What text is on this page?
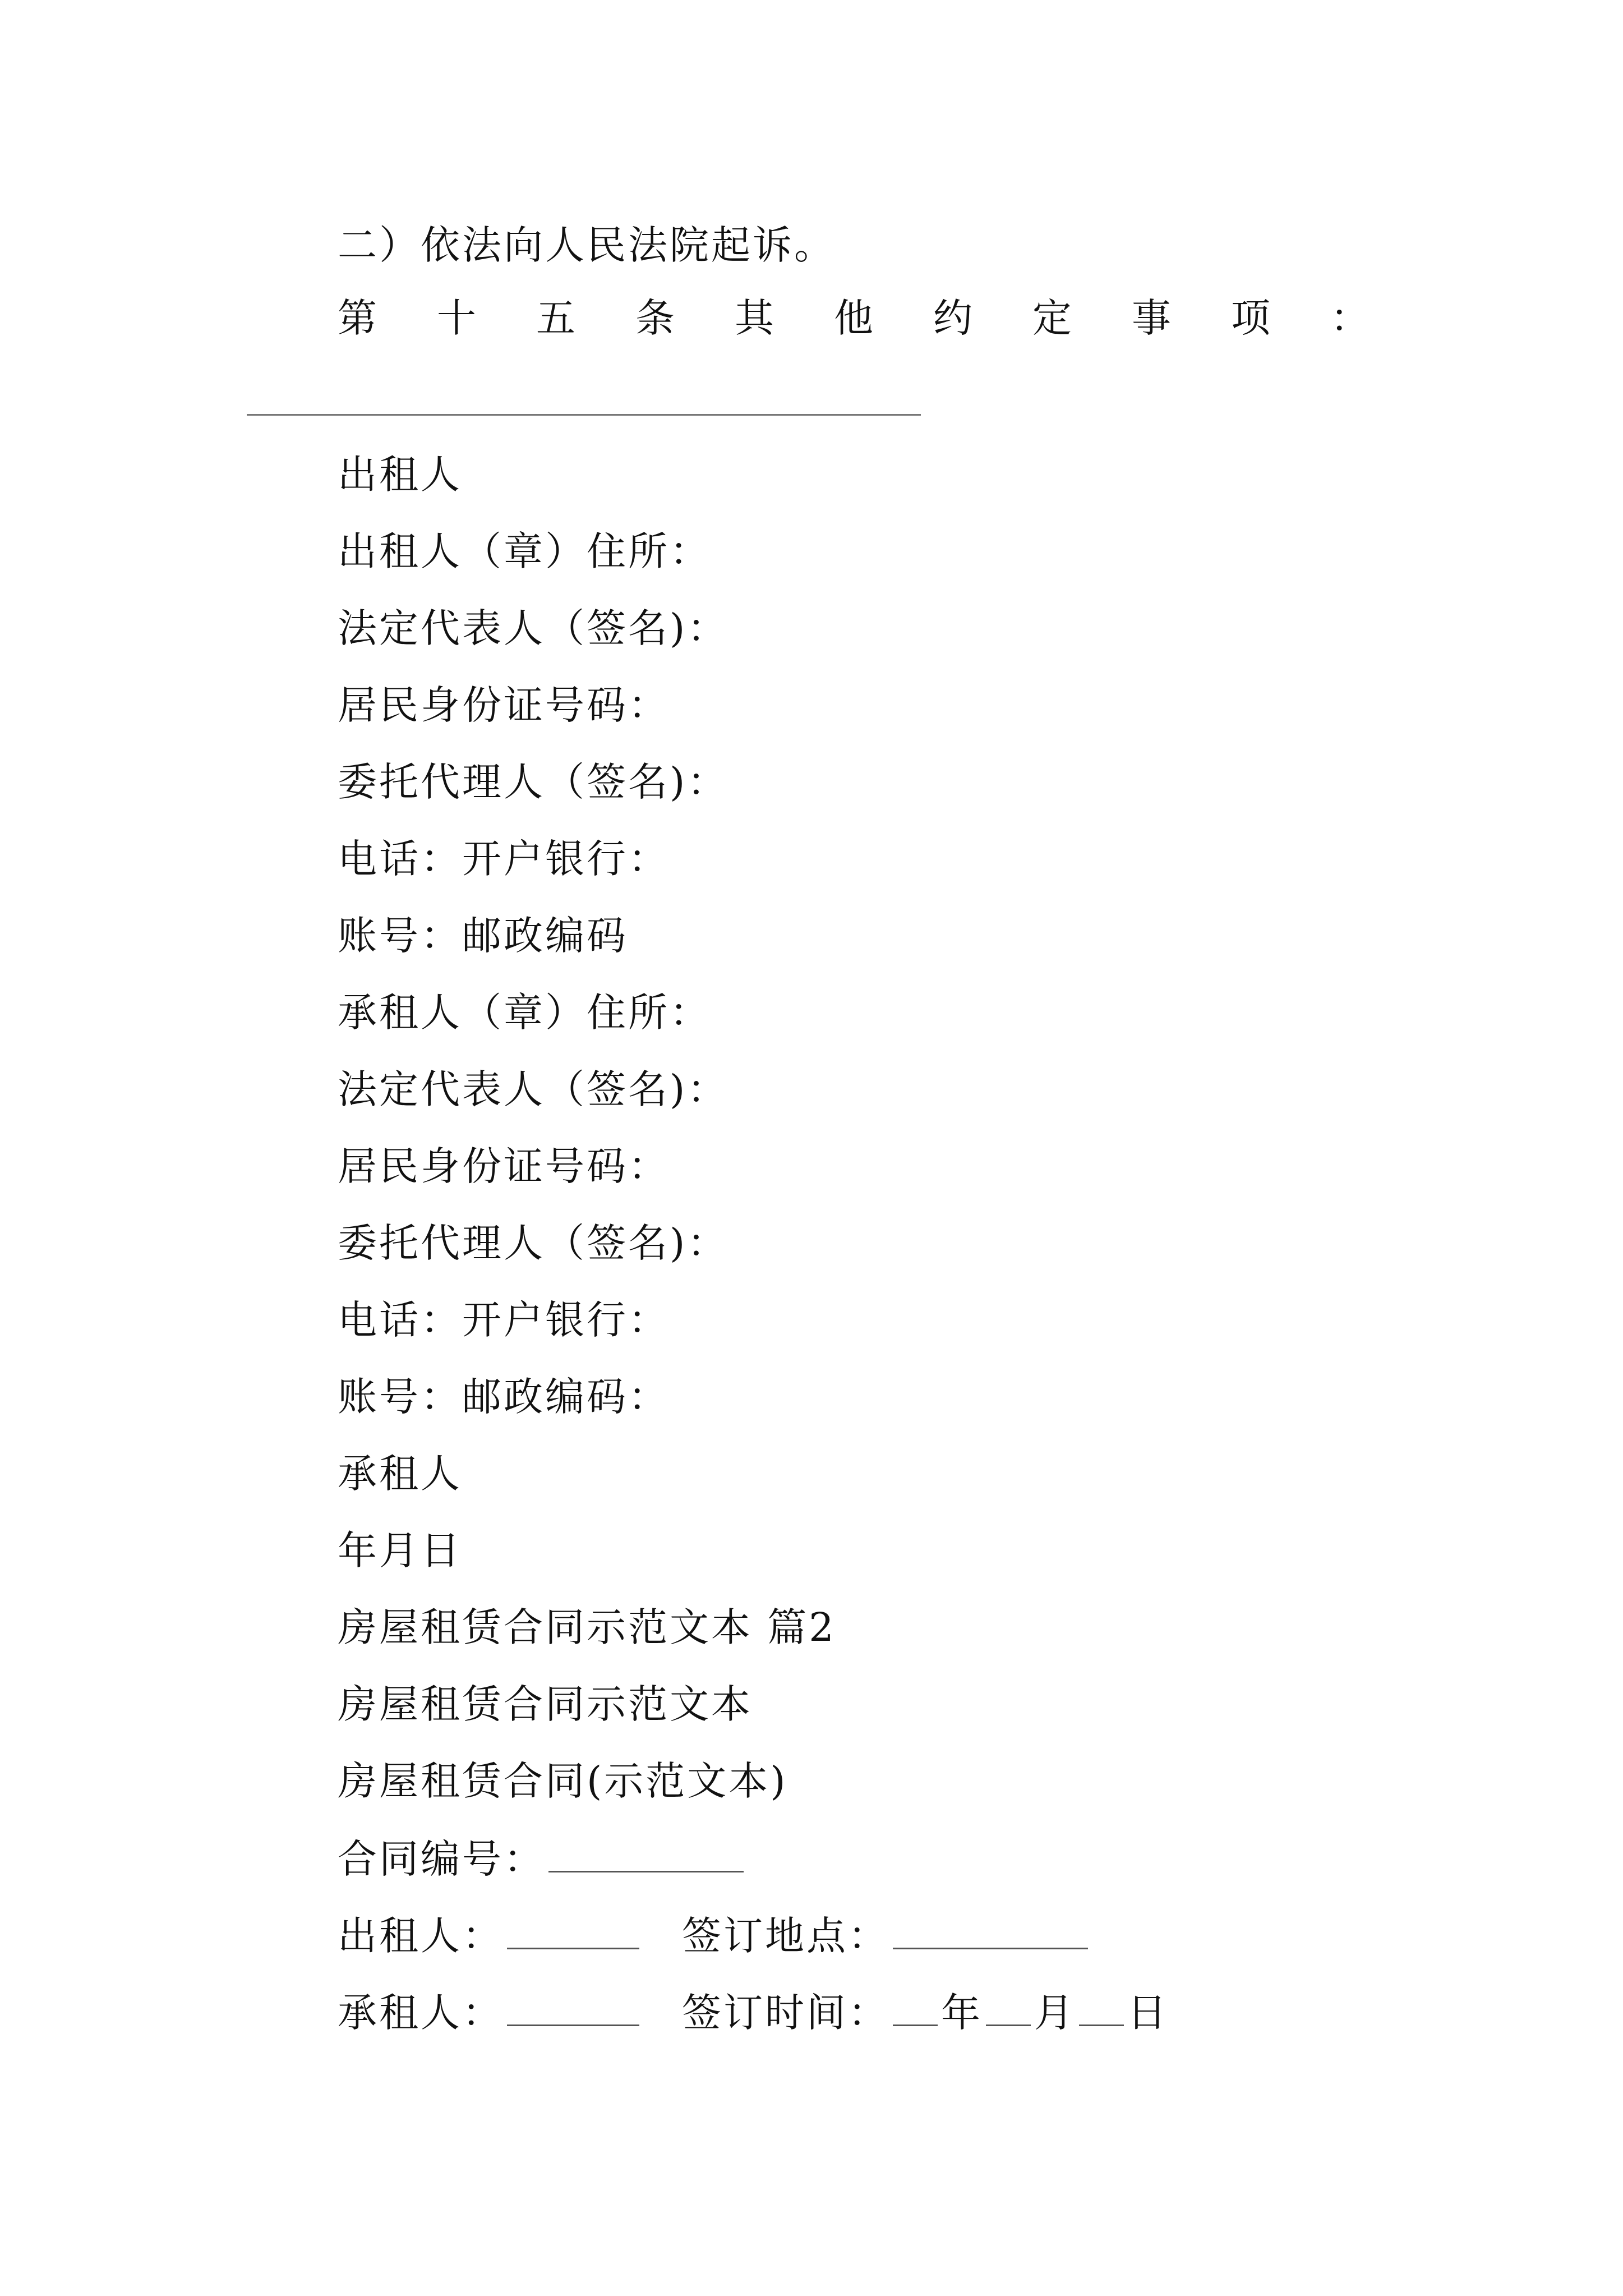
二）依法向人民法院起诉。
第 十 五 条 其 他 约 定 事 项 ：
出租人
出租人（章）住所：
法定代表人（签名)：
居民身份证号码：
委托代理人（签名)：
电话：开户银行：
账号：邮政编码
承租人（章）住所：
法定代表人（签名)：
居民身份证号码：
委托代理人（签名)：
电话：开户银行：
账号：邮政编码：
承租人
年月日
房屋租赁合同示范文本 篇2
房屋租赁合同示范文本
房屋租赁合同(示范文本)
合同编号：
出租人：	签订地点：
承租人：	签订时间： 年 月 日
